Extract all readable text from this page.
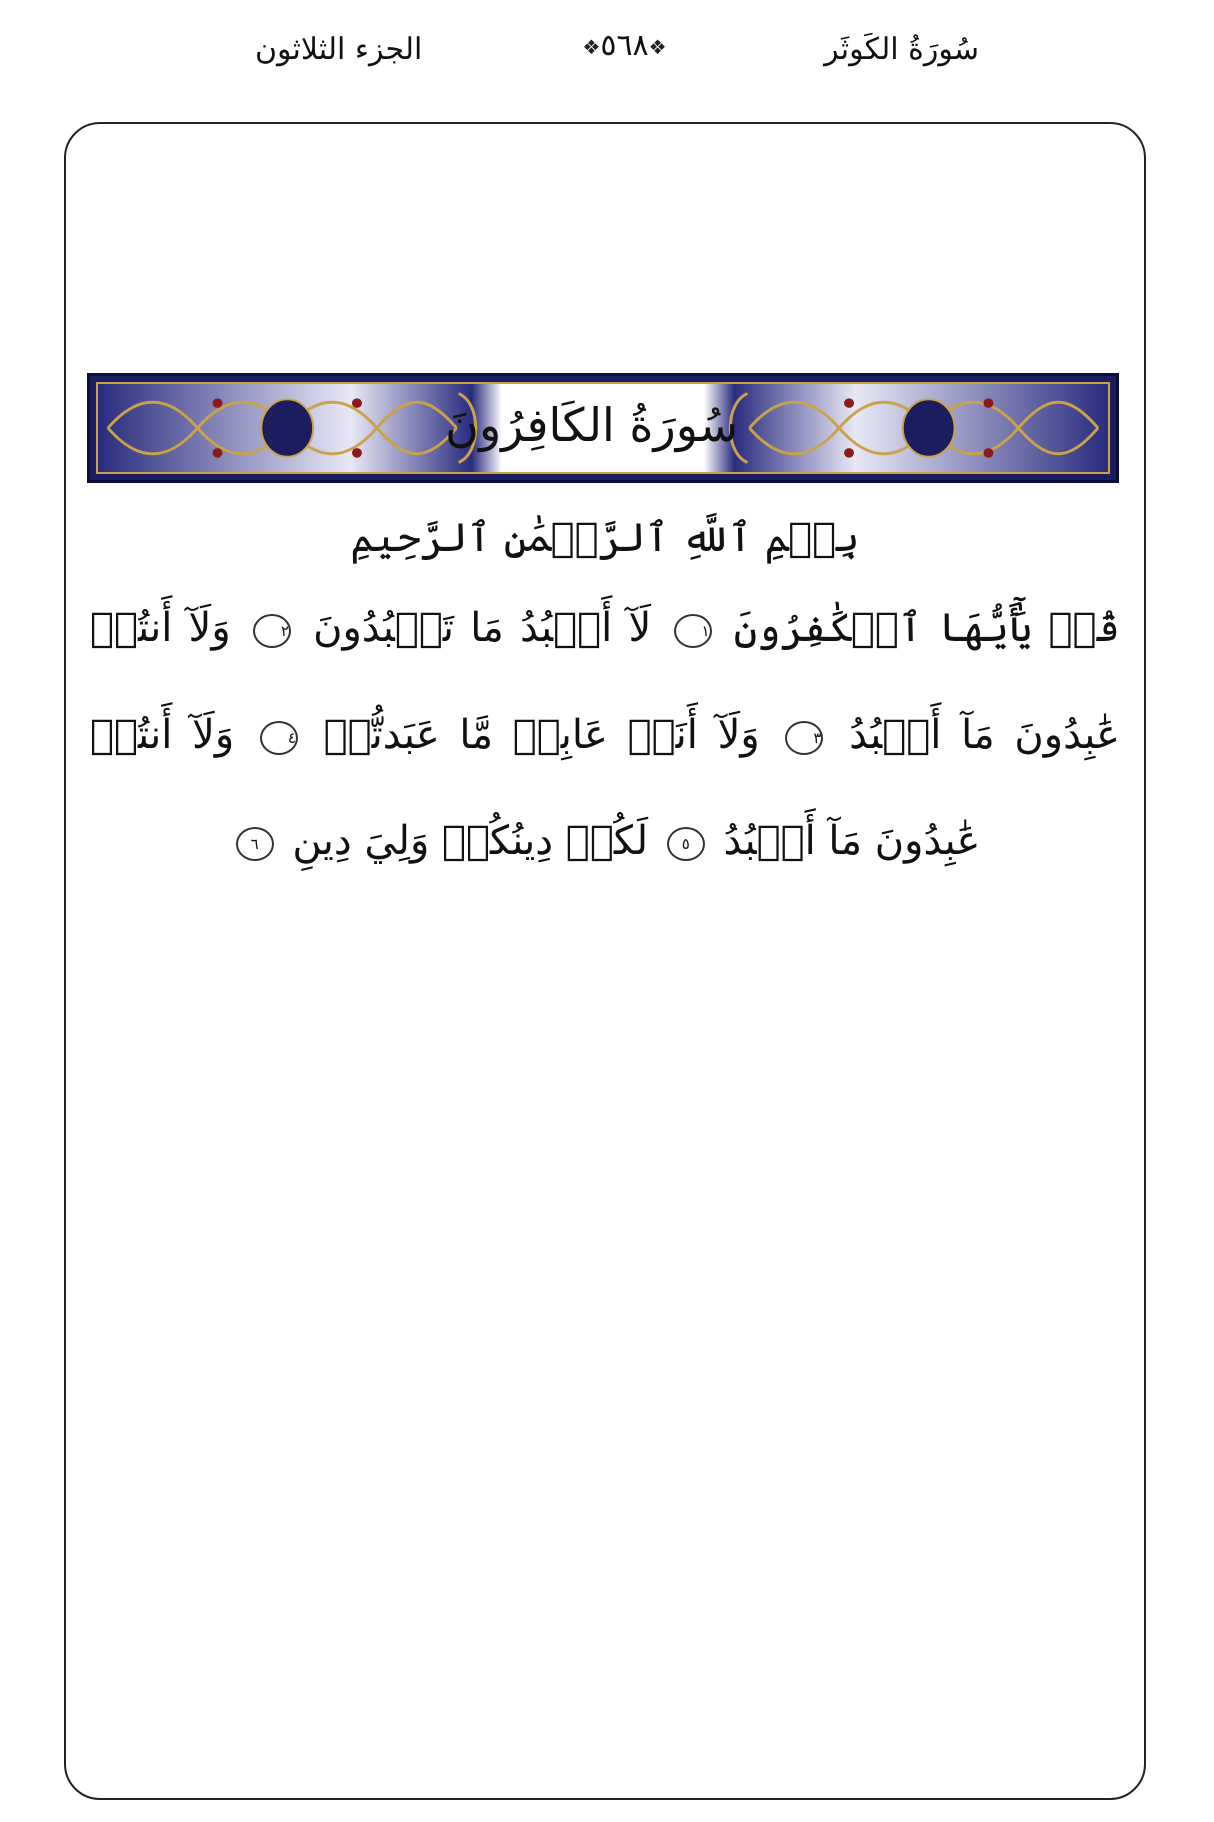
سُورَةُ الكَوثَر
❖٥٦٨❖
الجزء الثلاثون
سُورَةُ الكَافِرُونَ
بِسۡمِ ٱللَّهِ ٱلرَّحۡمَٰنِ ٱلرَّحِيمِ
قُلۡ يَٰٓأَيُّهَا ٱلۡكَٰفِرُونَ ١ لَآ أَعۡبُدُ مَا تَعۡبُدُونَ ٢ وَلَآ أَنتُمۡ
عَٰبِدُونَ مَآ أَعۡبُدُ ٣ وَلَآ أَنَا۠ عَابِدٞ مَّا عَبَدتُّمۡ ٤ وَلَآ أَنتُمۡ
عَٰبِدُونَ مَآ أَعۡبُدُ ٥ لَكُمۡ دِينُكُمۡ وَلِيَ دِينِ ٦
